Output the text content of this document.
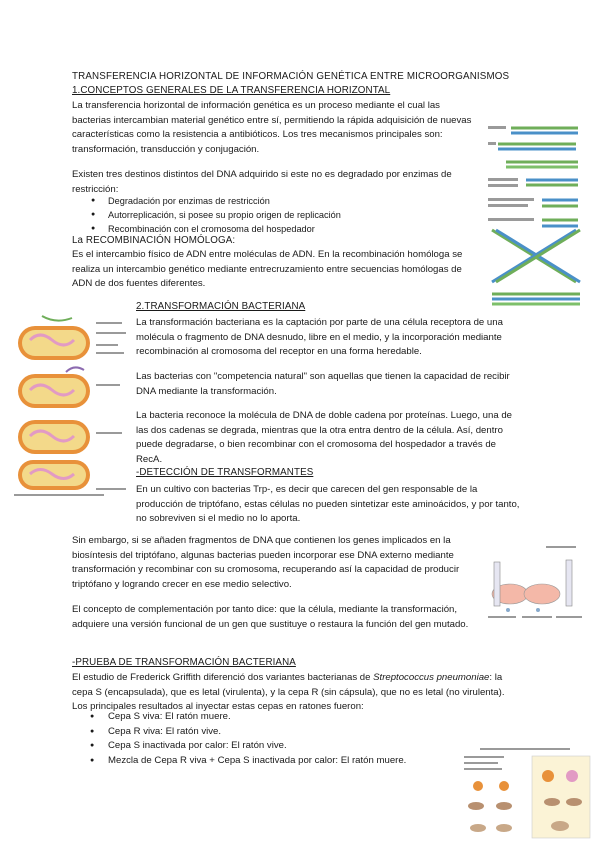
TRANSFERENCIA HORIZONTAL DE INFORMACIÓN GENÉTICA ENTRE MICROORGANISMOS
1.CONCEPTOS GENERALES DE LA TRANSFERENCIA HORIZONTAL
La transferencia horizontal de información genética es un proceso mediante el cual las bacterias intercambian material genético entre sí, permitiendo la rápida adquisición de nuevas características como la resistencia a antibióticos. Los tres mecanismos principales son: transformación, transducción y conjugación.
Existen tres destinos distintos del DNA adquirido si este no es degradado por enzimas de restricción:
● Degradación por enzimas de restricción
● Autorreplicación, si posee su propio origen de replicación
● Recombinación con el cromosoma del hospedador
La RECOMBINACIÓN HOMÓLOGA:
Es el intercambio físico de ADN entre moléculas de ADN. En la recombinación homóloga se realiza un intercambio genético mediante entrecruzamiento entre secuencias homólogas de ADN de dos fuentes diferentes.
2.TRANSFORMACIÓN BACTERIANA
La transformación bacteriana es la captación por parte de una célula receptora de una molécula o fragmento de DNA desnudo, libre en el medio, y la incorporación mediante recombinación al cromosoma del receptor en una forma heredable.
Las bacterias con "competencia natural" son aquellas que tienen la capacidad de recibir DNA mediante la transformación.
La bacteria reconoce la molécula de DNA de doble cadena por proteínas. Luego, una de las dos cadenas se degrada, mientras que la otra entra dentro de la célula. Así, dentro puede degradarse, o bien recombinar con el cromosoma del hospedador a través de RecA.
-DETECCIÓN DE TRANSFORMANTES
En un cultivo con bacterias Trp-, es decir que carecen del gen responsable de la producción de triptófano, estas células no pueden sintetizar este aminoácidos, y por tanto, no sobreviven si el medio no lo aporta.
Sin embargo, si se añaden fragmentos de DNA que contienen los genes implicados en la biosíntesis del triptófano, algunas bacterias pueden incorporar ese DNA externo mediante transformación y recombinar con su cromosoma, recuperando así la capacidad de producir triptófano y logrando crecer en ese medio selectivo.
El concepto de complementación por tanto dice: que la célula, mediante la transformación, adquiere una versión funcional de un gen que sustituye o restaura la función del gen mutado.
-PRUEBA DE TRANSFORMACIÓN BACTERIANA
El estudio de Frederick Griffith diferenció dos variantes bacterianas de Streptococcus pneumoniae: la cepa S (encapsulada), que es letal (virulenta), y la cepa R (sin cápsula), que no es letal (no virulenta). Los principales resultados al inyectar estas cepas en ratones fueron:
● Cepa S viva: El ratón muere.
● Cepa R viva: El ratón vive.
● Cepa S inactivada por calor: El ratón vive.
● Mezcla de Cepa R viva + Cepa S inactivada por calor: El ratón muere.
